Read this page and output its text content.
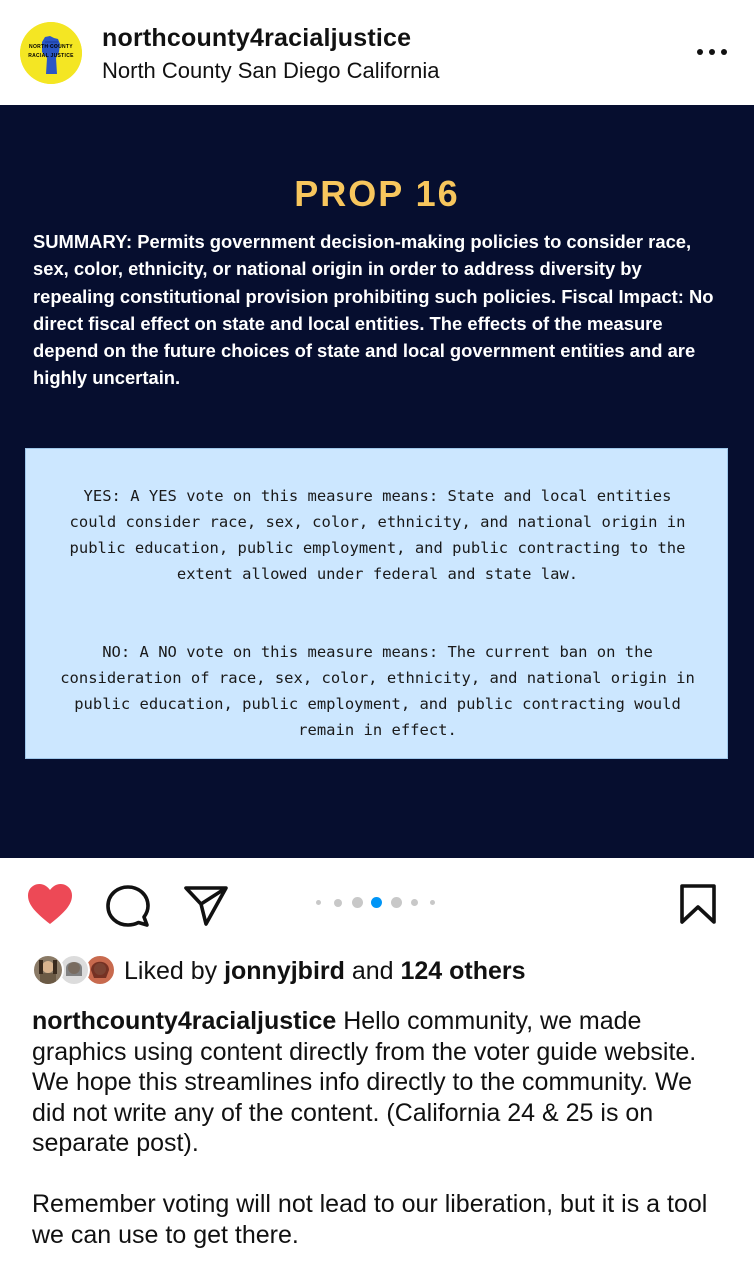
NORTH COUNTY
RACIAL JUSTICE
northcounty4racialjustice
North County San Diego California
PROP 16
SUMMARY: Permits government decision-making policies to consider race, sex, color, ethnicity, or national origin in order to address diversity by repealing constitutional provision prohibiting such policies. Fiscal Impact: No direct fiscal effect on state and local entities. The effects of the measure depend on the future choices of state and local government entities and are highly uncertain.

YES: A YES vote on this measure means: State and local entities could consider race, sex, color, ethnicity, and national origin in public education, public employment, and public contracting to the extent allowed under federal and state law.

NO: A NO vote on this measure means: The current ban on the consideration of race, sex, color, ethnicity, and national origin in public education, public employment, and public contracting would remain in effect.

Liked by jonnyjbird and 124 others
northcounty4racialjustice Hello community, we made graphics using content directly from the voter guide website. We hope this streamlines info directly to the community. We did not write any of the content. (California 24 & 25 is on separate post).
Remember voting will not lead to our liberation, but it is a tool we can use to get there.
